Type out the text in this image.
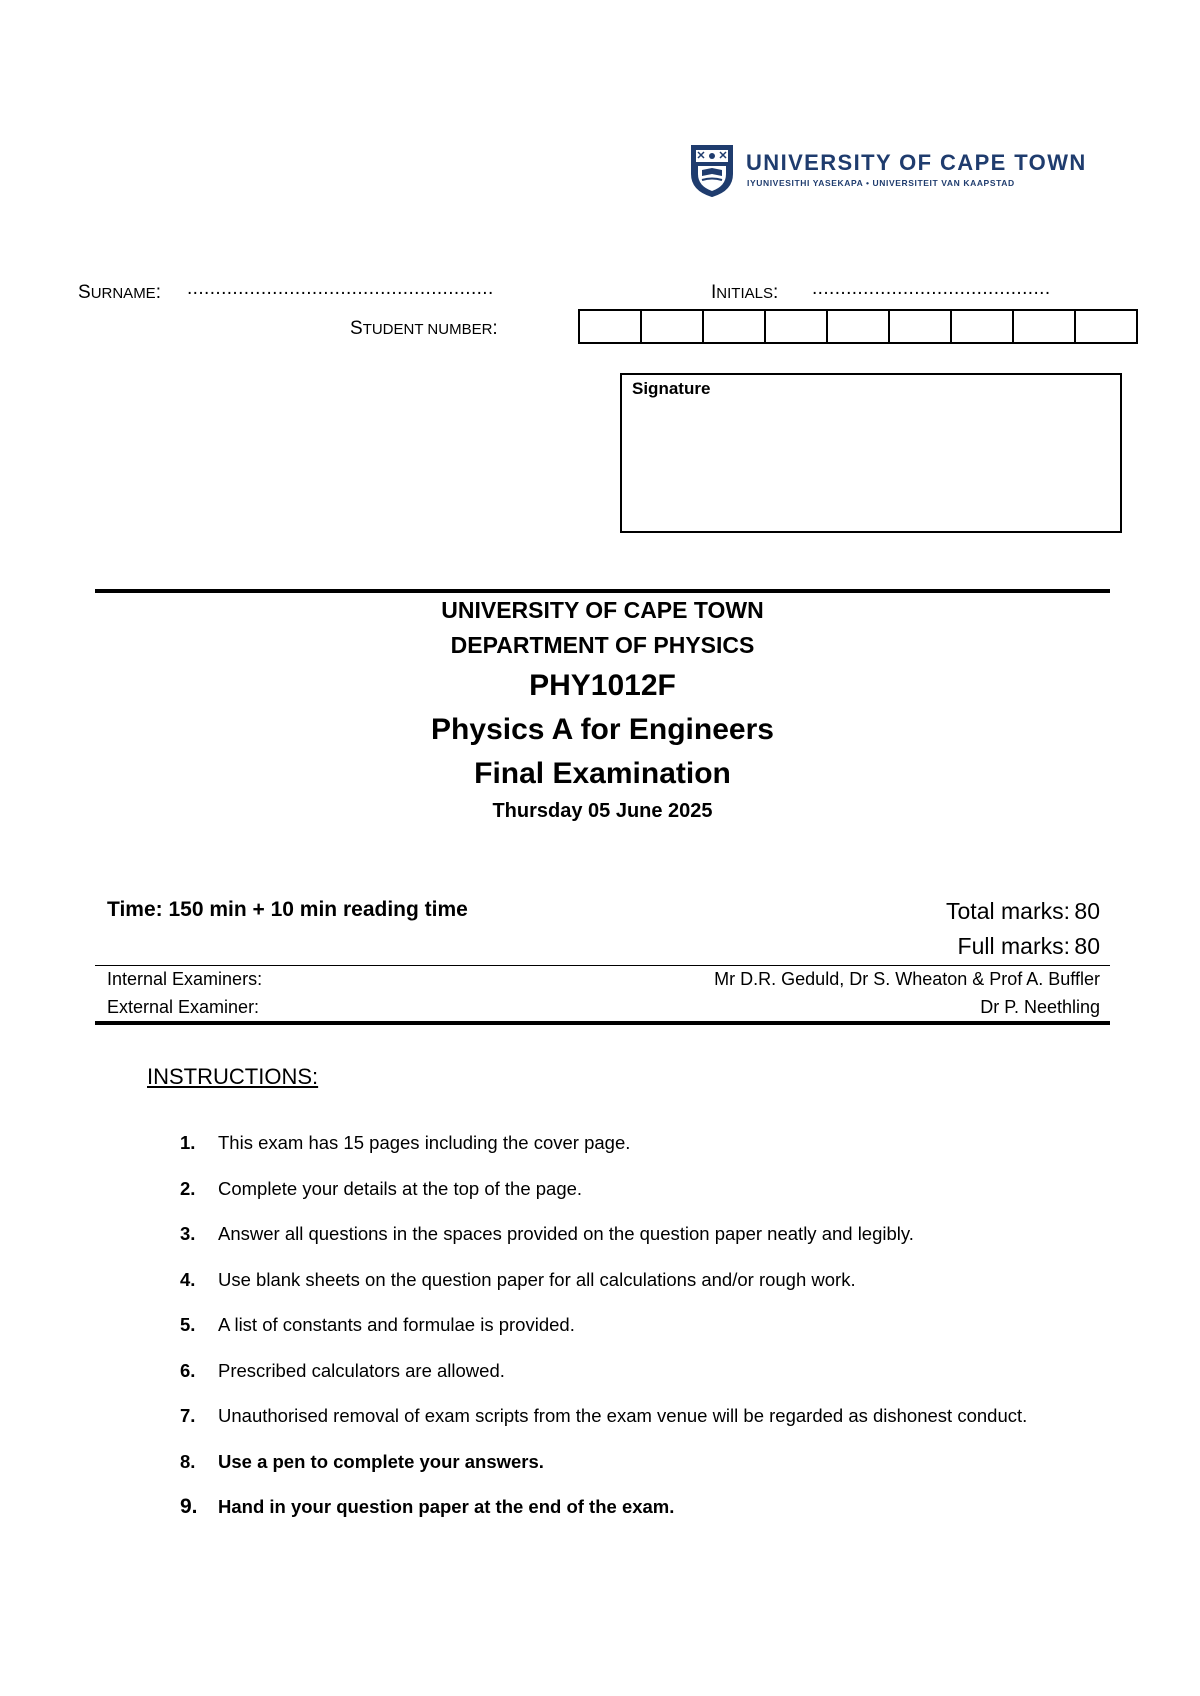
UNIVERSITY OF CAPE TOWN
IYUNIVESITHI YASEKAPA • UNIVERSITEIT VAN KAAPSTAD
SURNAME: ......................................................	INITIALS: ..........................................
STUDENT NUMBER:
Signature
UNIVERSITY OF CAPE TOWN
DEPARTMENT OF PHYSICS
PHY1012F
Physics A for Engineers
Final Examination
Thursday 05 June 2025
Time: 150 min + 10 min reading time	Total marks: 80
Full marks: 80
Internal Examiners:	Mr D.R. Geduld, Dr S. Wheaton & Prof A. Buffler
External Examiner:	Dr P. Neethling
INSTRUCTIONS:
1. This exam has 15 pages including the cover page.
2. Complete your details at the top of the page.
3. Answer all questions in the spaces provided on the question paper neatly and legibly.
4. Use blank sheets on the question paper for all calculations and/or rough work.
5. A list of constants and formulae is provided.
6. Prescribed calculators are allowed.
7. Unauthorised removal of exam scripts from the exam venue will be regarded as dishonest conduct.
8. Use a pen to complete your answers.
9. Hand in your question paper at the end of the exam.
